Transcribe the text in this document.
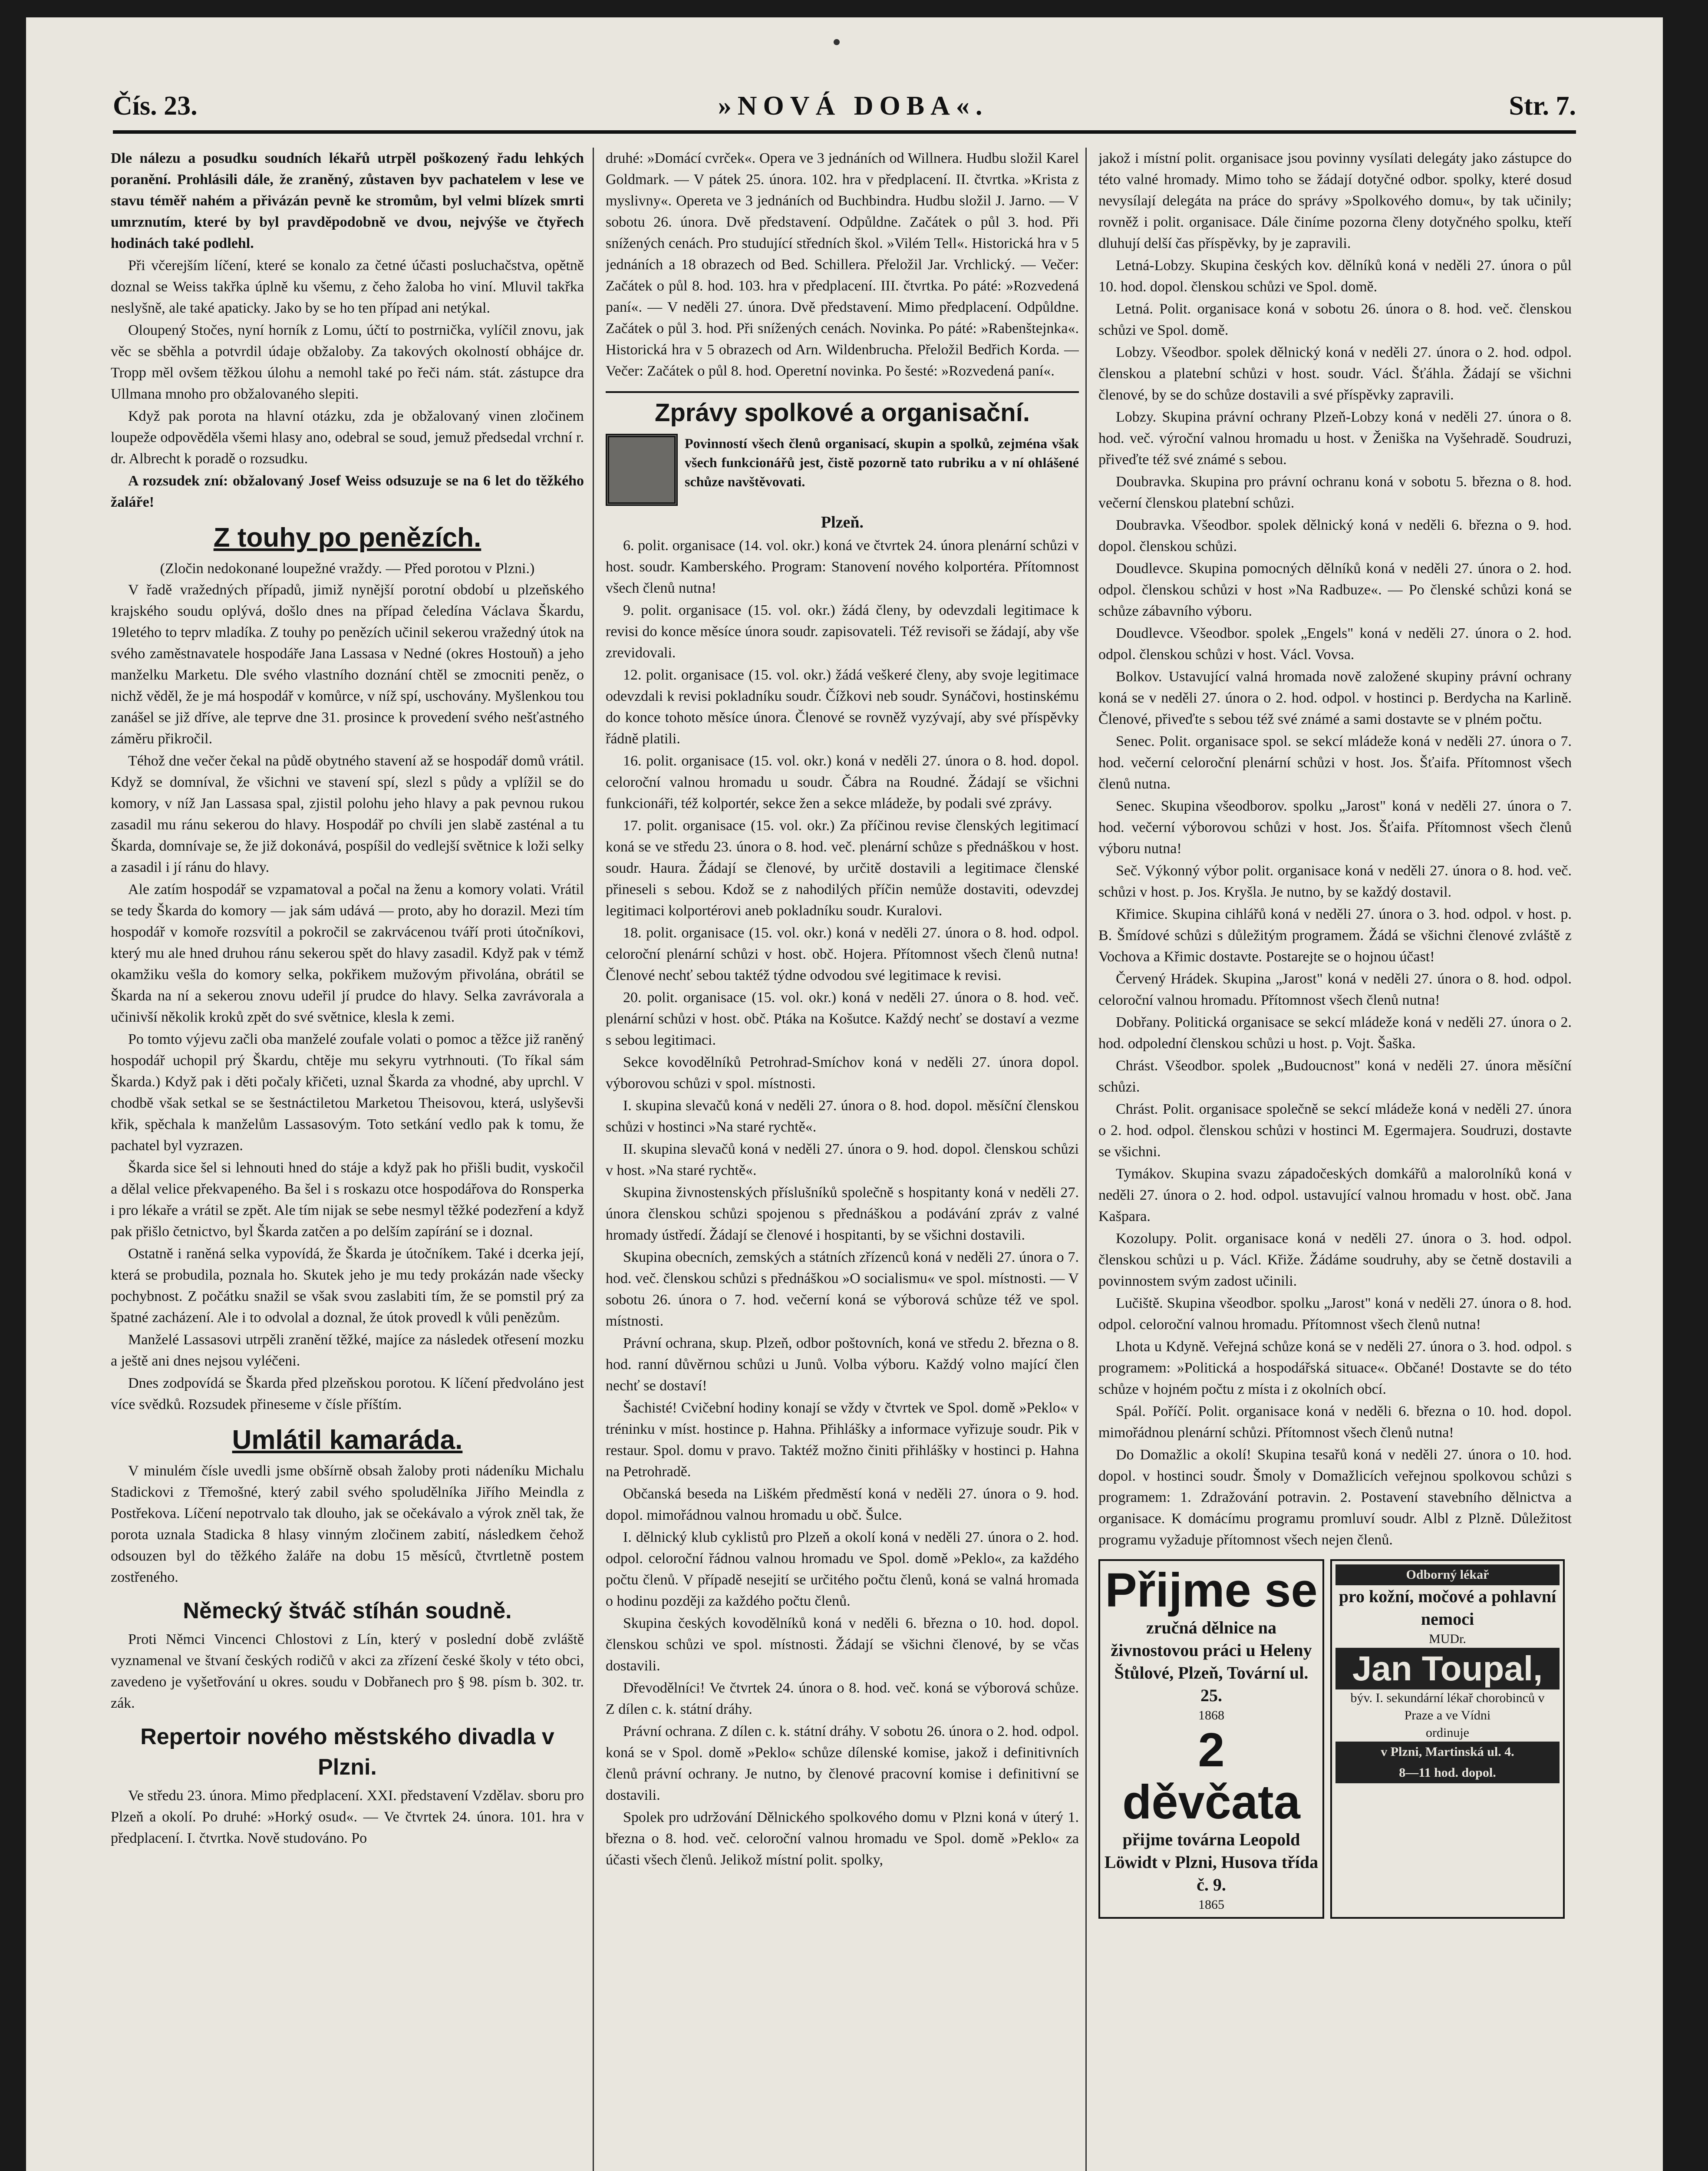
Čís. 23.	»NOVÁ DOBA«.	Str. 7.

Dle nálezu a posudku soudních lékařů utrpěl poškozený řadu lehkých poranění. Prohlásili dále, že zraněný, zůstaven byv pachatelem v lese ve stavu téměř nahém a přivázán pevně ke stromům, byl velmi blízek smrti umrznutím, které by byl pravděpodobně ve dvou, nejvýše ve čtyřech hodinách také podlehl.

Při včerejším líčení, které se konalo za četné účasti posluchačstva, opětně doznal se Weiss takřka úplně ku všemu, z čeho žaloba ho viní. Mluvil takřka neslyšně, ale také apaticky. Jako by se ho ten případ ani netýkal.

Oloupený Stočes, nyní horník z Lomu, účtí to postrnička, vylíčil znovu, jak věc se sběhla a potvrdil údaje obžaloby. Za takových okolností obhájce dr. Tropp měl ovšem těžkou úlohu a nemohl také po řeči nám. stát. zástupce dra Ullmana mnoho pro obžalovaného slepiti.

Když pak porota na hlavní otázku, zda je obžalovaný vinen zločinem loupeže odpověděla všemi hlasy ano, odebral se soud, jemuž předsedal vrchní r. dr. Albrecht k poradě o rozsudku.

A rozsudek zní: obžalovaný Josef Weiss odsuzuje se na 6 let do těžkého žaláře!

Z touhy po penězích.
(Zločin nedokonané loupežné vraždy. — Před porotou v Plzni.)

V řadě vražedných případů, jimiž nynější porotní období u plzeňského krajského soudu oplývá, došlo dnes na případ čeledína Václava Škardu, 19letého to teprv mladíka. Z touhy po penězích učinil sekerou vražedný útok na svého zaměstnavatele hospodáře Jana Lassasa v Nedné (okres Hostouň) a jeho manželku Marketu. Dle svého vlastního doznání chtěl se zmocniti peněz, o nichž věděl, že je má hospodář v komůrce, v níž spí, uschovány. Myšlenkou tou zanášel se již dříve, ale teprve dne 31. prosince k provedení svého nešťastného záměru přikročil.

Téhož dne večer čekal na půdě obytného stavení až se hospodář domů vrátil. Když se domníval, že všichni ve stavení spí, slezl s půdy a vplížil se do komory, v níž Jan Lassasa spal, zjistil polohu jeho hlavy a pak pevnou rukou zasadil mu ránu sekerou do hlavy. Hospodář po chvíli jen slabě zasténal a tu Škarda, domnívaje se, že již dokonává, pospíšil do vedlejší světnice k loži selky a zasadil i jí ránu do hlavy.

Ale zatím hospodář se vzpamatoval a počal na ženu a komory volati. Vrátil se tedy Škarda do komory — jak sám udává — proto, aby ho dorazil. Mezi tím hospodář v komoře rozsvítil a pokročil se zakrvácenou tváří proti útočníkovi, který mu ale hned druhou ránu sekerou spět do hlavy zasadil. Když pak v témž okamžiku vešla do komory selka, pokřikem mužovým přivolána, obrátil se Škarda na ní a sekerou znovu udeřil jí prudce do hlavy. Selka zavrávorala a učinivší několik kroků zpět do své světnice, klesla k zemi.

Po tomto výjevu začli oba manželé zoufale volati o pomoc a těžce již raněný hospodář uchopil prý Škardu, chtěje mu sekyru vytrhnouti. (To říkal sám Škarda.) Když pak i děti počaly křičeti, uznal Škarda za vhodné, aby uprchl. V chodbě však setkal se se šestnáctiletou Marketou Theisovou, která, uslyševši křik, spěchala k manželům Lassasovým. Toto setkání vedlo pak k tomu, že pachatel byl vyzrazen.

Škarda sice šel si lehnouti hned do stáje a když pak ho přišli budit, vyskočil a dělal velice překvapeného. Ba šel i s roskazu otce hospodářova do Ronsperka i pro lékaře a vrátil se zpět. Ale tím nijak se sebe nesmyl těžké podezření a když pak přišlo četnictvo, byl Škarda zatčen a po delším zapírání se i doznal.

Ostatně i raněná selka vypovídá, že Škarda je útočníkem. Také i dcerka její, která se probudila, poznala ho. Skutek jeho je mu tedy prokázán nade všecky pochybnost. Z počátku snažil se však svou zaslabiti tím, že se pomstil prý za špatné zacházení. Ale i to odvolal a doznal, že útok provedl k vůli penězům.

Manželé Lassasovi utrpěli zranění těžké, majíce za následek otřesení mozku a ještě ani dnes nejsou vyléčeni.

Dnes zodpovídá se Škarda před plzeňskou porotou. K líčení předvoláno jest více svědků. Rozsudek přineseme v čísle příštím.

Umlátil kamaráda.

V minulém čísle uvedli jsme obšírně obsah žaloby proti nádeníku Michalu Stadickovi z Třemošné, který zabil svého spoludělníka Jiřího Meindla z Postřekova. Líčení nepotrvalo tak dlouho, jak se očekávalo a výrok zněl tak, že porota uznala Stadicka 8 hlasy vinným zločinem zabití, následkem čehož odsouzen byl do těžkého žaláře na dobu 15 měsíců, čtvrtletně postem zostřeného.

Německý štváč stíhán soudně.

Proti Němci Vincenci Chlostovi z Lín, který v poslední době zvláště vyznamenal ve štvaní českých rodičů v akci za zřízení české školy v této obci, zavedeno je vyšetřování u okres. soudu v Dobřanech pro § 98. písm b. 302. tr. zák.

Repertoir nového městského divadla v Plzni.

Ve středu 23. února. Mimo předplacení. XXI. představení Vzdělav. sboru pro Plzeň a okolí. Po druhé: »Horký osud«. — Ve čtvrtek 24. února. 101. hra v předplacení. I. čtvrtka. Nově studováno. Po

druhé: »Domácí cvrček«. Opera ve 3 jednáních od Willnera. Hudbu složil Karel Goldmark. — V pátek 25. února. 102. hra v předplacení. II. čtvrtka. »Krista z myslivny«. Opereta ve 3 jednáních od Buchbindra. Hudbu složil J. Jarno. — V sobotu 26. února. Dvě představení. Odpůldne. Začátek o půl 3. hod. Při snížených cenách. Pro studující středních škol. »Vilém Tell«. Historická hra v 5 jednáních a 18 obrazech od Bed. Schillera. Přeložil Jar. Vrchlický. — Večer: Začátek o půl 8. hod. 103. hra v předplacení. III. čtvrtka. Po páté: »Rozvedená paní«. — V neděli 27. února. Dvě představení. Mimo předplacení. Odpůldne. Začátek o půl 3. hod. Při snížených cenách. Novinka. Po páté: »Rabenštejnka«. Historická hra v 5 obrazech od Arn. Wildenbrucha. Přeložil Bedřich Korda. — Večer: Začátek o půl 8. hod. Operetní novinka. Po šesté: »Rozvedená paní«.

Zprávy spolkové a organisační.
Povinností všech členů organisací, skupin a spolků, zejména však všech funkcionářů jest, čistě pozorně tato rubriku a v ní ohlášené schůze navštěvovati.
Plzeň.

6. polit. organisace (14. vol. okr.) koná ve čtvrtek 24. února plenární schůzi v host. soudr. Kamberského. Program: Stanovení nového kolportéra. Přítomnost všech členů nutna!

9. polit. organisace (15. vol. okr.) žádá členy, by odevzdali legitimace k revisi do konce měsíce února soudr. zapisovateli. Též revisoři se žádají, aby vše zrevidovali.

12. polit. organisace (15. vol. okr.) žádá veškeré členy, aby svoje legitimace odevzdali k revisi pokladníku soudr. Čížkovi neb soudr. Synáčovi, hostinskému do konce tohoto měsíce února. Členové se rovněž vyzývají, aby své příspěvky řádně platili.

16. polit. organisace (15. vol. okr.) koná v neděli 27. února o 8. hod. dopol. celoroční valnou hromadu u soudr. Čábra na Roudné. Žádají se všichni funkcionáři, též kolportér, sekce žen a sekce mládeže, by podali své zprávy.

17. polit. organisace (15. vol. okr.) Za příčinou revise členských legitimací koná se ve středu 23. února o 8. hod. več. plenární schůze s přednáškou v host. soudr. Haura. Žádají se členové, by určitě dostavili a legitimace členské přineseli s sebou. Kdož se z nahodilých příčin nemůže dostaviti, odevzdej legitimaci kolportérovi aneb pokladníku soudr. Kuralovi.

18. polit. organisace (15. vol. okr.) koná v neděli 27. února o 8. hod. odpol. celoroční plenární schůzi v host. obč. Hojera. Přítomnost všech členů nutna! Členové nechť sebou taktéž týdne odvodou své legitimace k revisi.

20. polit. organisace (15. vol. okr.) koná v neděli 27. února o 8. hod. več. plenární schůzi v host. obč. Ptáka na Košutce. Každý nechť se dostaví a vezme s sebou legitimaci.

Sekce kovodělníků Petrohrad-Smíchov koná v neděli 27. února dopol. výborovou schůzi v spol. místnosti.

I. skupina slevačů koná v neděli 27. února o 8. hod. dopol. měsíční členskou schůzi v hostinci »Na staré rychtě«.

II. skupina slevačů koná v neděli 27. února o 9. hod. dopol. členskou schůzi v host. »Na staré rychtě«.

Skupina živnostenských příslušníků společně s hospitanty koná v neděli 27. února členskou schůzi spojenou s přednáškou a podávání zpráv z valné hromady ústředí. Žádají se členové i hospitanti, by se všichni dostavili.

Skupina obecních, zemských a státních zřízenců koná v neděli 27. února o 7. hod. več. členskou schůzi s přednáškou »O socialismu« ve spol. místnosti. — V sobotu 26. února o 7. hod. večerní koná se výborová schůze též ve spol. místnosti.

Právní ochrana, skup. Plzeň, odbor poštovních, koná ve středu 2. března o 8. hod. ranní důvěrnou schůzi u Junů. Volba výboru. Každý volno mající člen nechť se dostaví!

Šachisté! Cvičební hodiny konají se vždy v čtvrtek ve Spol. domě »Peklo« v tréninku v míst. hostince p. Hahna. Přihlášky a informace vyřizuje soudr. Pik v restaur. Spol. domu v pravo. Taktéž možno činiti přihlášky v hostinci p. Hahna na Petrohradě.

Občanská beseda na Liškém předměstí koná v neděli 27. února o 9. hod. dopol. mimořádnou valnou hromadu u obč. Šulce.

I. dělnický klub cyklistů pro Plzeň a okolí koná v neděli 27. února o 2. hod. odpol. celoroční řádnou valnou hromadu ve Spol. domě »Peklo«, za každého počtu členů. V případě nesejití se určitého počtu členů, koná se valná hromada o hodinu později za každého počtu členů.

Skupina českých kovodělníků koná v neděli 6. března o 10. hod. dopol. členskou schůzi ve spol. místnosti. Žádají se všichni členové, by se včas dostavili.

Dřevodělníci! Ve čtvrtek 24. února o 8. hod. več. koná se výborová schůze. Z dílen c. k. státní dráhy.

Právní ochrana. Z dílen c. k. státní dráhy. V sobotu 26. února o 2. hod. odpol. koná se v Spol. domě »Peklo« schůze dílenské komise, jakož i definitivních členů právní ochrany. Je nutno, by členové pracovní komise i definitivní se dostavili.

Spolek pro udržování Dělnického spolkového domu v Plzni koná v úterý 1. března o 8. hod. več. celoroční valnou hromadu ve Spol. domě »Peklo« za účasti všech členů. Jelikož místní polit. spolky,

jakož i místní polit. organisace jsou povinny vysílati delegáty jako zástupce do této valné hromady. Mimo toho se žádají dotyčné odbor. spolky, které dosud nevysílají delegáta na práce do správy »Spolkového domu«, by tak učinily; rovněž i polit. organisace. Dále činíme pozorna členy dotyčného spolku, kteří dluhují delší čas příspěvky, by je zapravili.

Letná-Lobzy. Skupina českých kov. dělníků koná v neděli 27. února o půl 10. hod. dopol. členskou schůzi ve Spol. domě.

Letná. Polit. organisace koná v sobotu 26. února o 8. hod. več. členskou schůzi ve Spol. domě.

Lobzy. Všeodbor. spolek dělnický koná v neděli 27. února o 2. hod. odpol. členskou a platební schůzi v host. soudr. Václ. Šťáhla. Žádají se všichni členové, by se do schůze dostavili a své příspěvky zapravili.

Lobzy. Skupina právní ochrany Plzeň-Lobzy koná v neděli 27. února o 8. hod. več. výroční valnou hromadu u host. v Ženiška na Vyšehradě. Soudruzi, přiveďte též své známé s sebou.

Doubravka. Skupina pro právní ochranu koná v sobotu 5. března o 8. hod. večerní členskou platební schůzi.

Doubravka. Všeodbor. spolek dělnický koná v neděli 6. března o 9. hod. dopol. členskou schůzi.

Doudlevce. Skupina pomocných dělníků koná v neděli 27. února o 2. hod. odpol. členskou schůzi v host »Na Radbuze«. — Po členské schůzi koná se schůze zábavního výboru.

Doudlevce. Všeodbor. spolek „Engels" koná v neděli 27. února o 2. hod. odpol. členskou schůzi v host. Václ. Vovsa.

Bolkov. Ustavující valná hromada nově založené skupiny právní ochrany koná se v neděli 27. února o 2. hod. odpol. v hostinci p. Berdycha na Karlině. Členové, přiveďte s sebou též své známé a sami dostavte se v plném počtu.

Senec. Polit. organisace spol. se sekcí mládeže koná v neděli 27. února o 7. hod. večerní celoroční plenární schůzi v host. Jos. Šťaifa. Přítomnost všech členů nutna.

Senec. Skupina všeodborov. spolku „Jarost" koná v neděli 27. února o 7. hod. večerní výborovou schůzi v host. Jos. Šťaifa. Přítomnost všech členů výboru nutna!

Seč. Výkonný výbor polit. organisace koná v neděli 27. února o 8. hod. več. schůzi v host. p. Jos. Kryšla. Je nutno, by se každý dostavil.

Křimice. Skupina cihlářů koná v neděli 27. února o 3. hod. odpol. v host. p. B. Šmídové schůzi s důležitým programem. Žádá se všichni členové zvláště z Vochova a Křimic dostavte. Postarejte se o hojnou účast!

Červený Hrádek. Skupina „Jarost" koná v neděli 27. února o 8. hod. odpol. celoroční valnou hromadu. Přítomnost všech členů nutna!

Dobřany. Politická organisace se sekcí mládeže koná v neděli 27. února o 2. hod. odpolední členskou schůzi u host. p. Vojt. Šaška.

Chrást. Všeodbor. spolek „Budoucnost" koná v neděli 27. února měsíční schůzi.

Chrást. Polit. organisace společně se sekcí mládeže koná v neděli 27. února o 2. hod. odpol. členskou schůzi v hostinci M. Egermajera. Soudruzi, dostavte se všichni.

Tymákov. Skupina svazu západočeských domkářů a malorolníků koná v neděli 27. února o 2. hod. odpol. ustavující valnou hromadu v host. obč. Jana Kašpara.

Kozolupy. Polit. organisace koná v neděli 27. února o 3. hod. odpol. členskou schůzi u p. Václ. Křiže. Žádáme soudruhy, aby se četně dostavili a povinnostem svým zadost učinili.

Lučiště. Skupina všeodbor. spolku „Jarost" koná v neděli 27. února o 8. hod. odpol. celoroční valnou hromadu. Přítomnost všech členů nutna!

Lhota u Kdyně. Veřejná schůze koná se v neděli 27. února o 3. hod. odpol. s programem: »Politická a hospodářská situace«. Občané! Dostavte se do této schůze v hojném počtu z místa i z okolních obcí.

Spál. Poříčí. Polit. organisace koná v neděli 6. března o 10. hod. dopol. mimořádnou plenární schůzi. Přítomnost všech členů nutna!

Do Domažlic a okolí! Skupina tesařů koná v neděli 27. února o 10. hod. dopol. v hostinci soudr. Šmoly v Domažlicích veřejnou spolkovou schůzi s programem: 1. Zdražování potravin. 2. Postavení stavebního dělnictva a organisace. K domácímu programu promluví soudr. Albl z Plzně. Důležitost programu vyžaduje přítomnost všech nejen členů.

Přijme se
zručná dělnice na živnostovou práci u Heleny Štůlové, Plzeň, Tovární ul. 25.
1868
2 děvčata
přijme továrna Leopold Löwidt v Plzni, Husova třída č. 9.
1865
Odborný lékař
pro kožní, močové a pohlavní nemoci
MUDr.
Jan Toupal,
býv. I. sekundární lékař chorobinců v Praze a ve Vídni
ordinuje
v Plzni, Martinská ul. 4.
8—11 hod. dopol.
